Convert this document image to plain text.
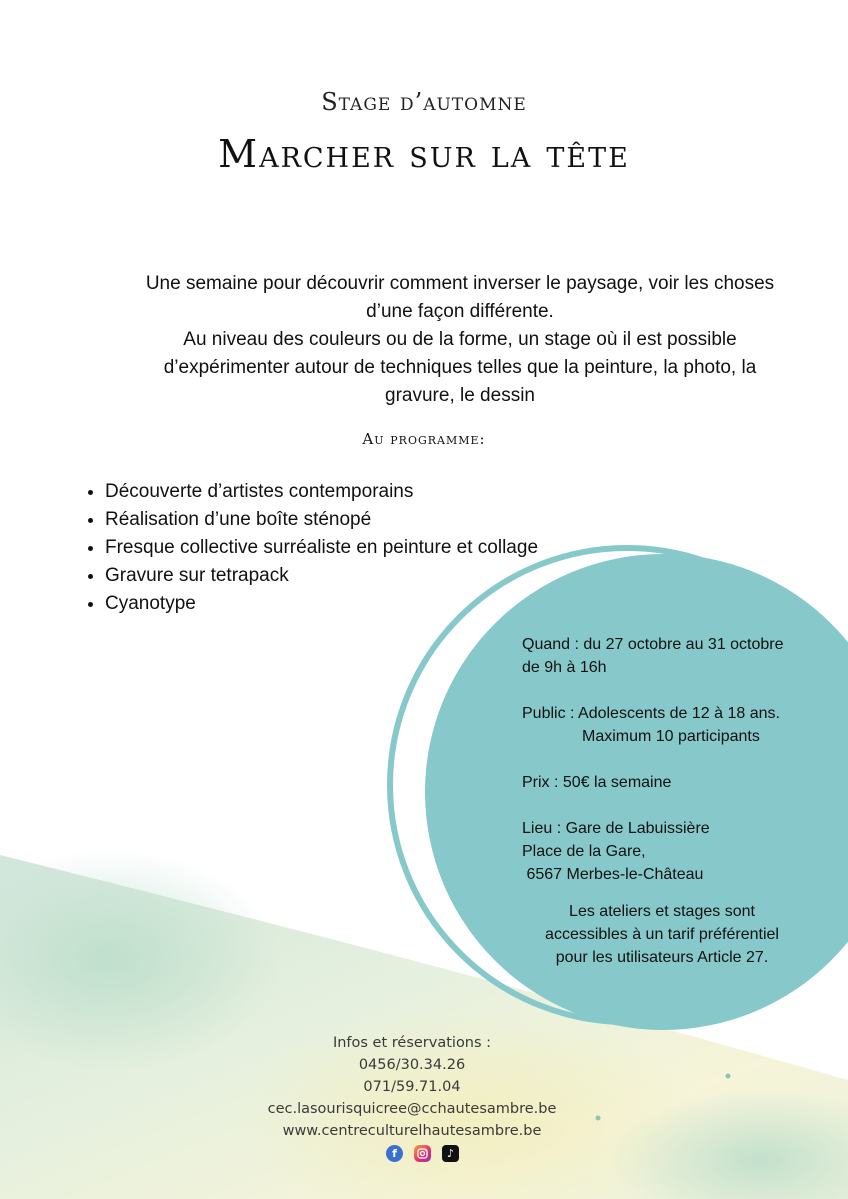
Stage d’automne
Marcher sur la tête

Une semaine pour découvrir comment inverser le paysage, voir les choses d’une façon différente.

Au niveau des couleurs ou de la forme, un stage où il est possible d’expérimenter autour de techniques telles que la peinture, la photo, la gravure, le dessin

Au programme:
• Découverte d’artistes contemporains
• Réalisation d’une boîte sténopé
• Fresque collective surréaliste en peinture et collage
• Gravure sur tetrapack
• Cyanotype

Quand : du 27 octobre au 31 octobre

de 9h à 16h

Public : Adolescents de 12 à 18 ans.

Maximum 10 participants

Prix : 50€ la semaine

Lieu : Gare de Labuissière

Place de la Gare,

6567 Merbes-le-Château

Les ateliers et stages sont
accessibles à un tarif préférentiel
pour les utilisateurs Article 27.
Infos et réservations :
0456/30.34.26
071/59.71.04
cec.lasourisquicree@cchautesambre.be
www.centreculturelhautesambre.be
f	♪
